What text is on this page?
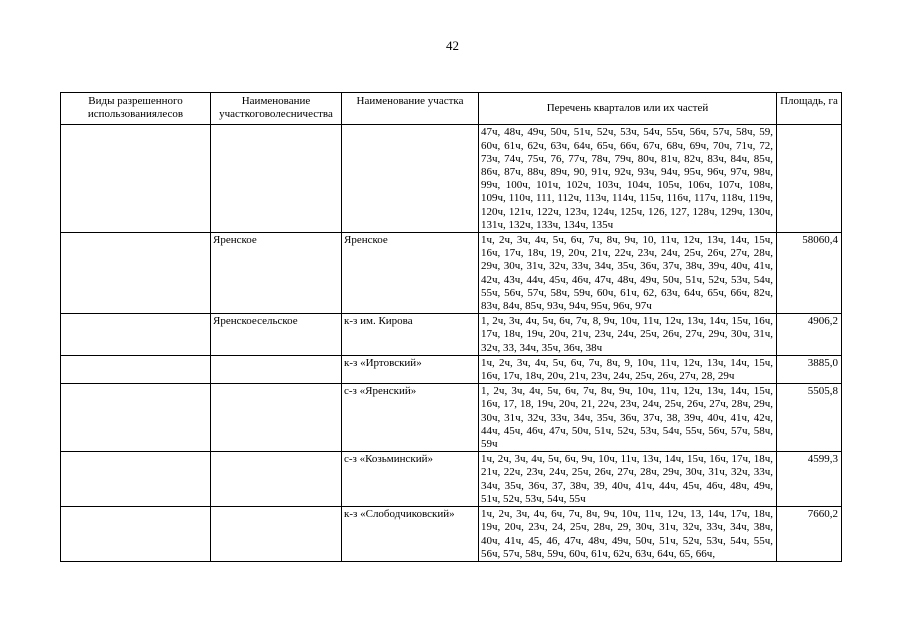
42
Виды разрешенного использованиялесов	Наименование участкоговолесничества	Наименование участка	Перечень кварталов или их частей	Площадь, га
			47ч, 48ч, 49ч, 50ч, 51ч, 52ч, 53ч, 54ч, 55ч, 56ч, 57ч, 58ч, 59, 60ч, 61ч, 62ч, 63ч, 64ч, 65ч, 66ч, 67ч, 68ч, 69ч, 70ч, 71ч, 72, 73ч, 74ч, 75ч, 76, 77ч, 78ч, 79ч, 80ч, 81ч, 82ч, 83ч, 84ч, 85ч, 86ч, 87ч, 88ч, 89ч, 90, 91ч, 92ч, 93ч, 94ч, 95ч, 96ч, 97ч, 98ч, 99ч, 100ч, 101ч, 102ч, 103ч, 104ч, 105ч, 106ч, 107ч, 108ч, 109ч, 110ч, 111, 112ч, 113ч, 114ч, 115ч, 116ч, 117ч, 118ч, 119ч, 120ч, 121ч, 122ч, 123ч, 124ч, 125ч, 126, 127, 128ч, 129ч, 130ч, 131ч, 132ч, 133ч, 134ч, 135ч	
	Яренское	Яренское	1ч, 2ч, 3ч, 4ч, 5ч, 6ч, 7ч, 8ч, 9ч, 10, 11ч, 12ч, 13ч, 14ч, 15ч, 16ч, 17ч, 18ч, 19, 20ч, 21ч, 22ч, 23ч, 24ч, 25ч, 26ч, 27ч, 28ч, 29ч, 30ч, 31ч, 32ч, 33ч, 34ч, 35ч, 36ч, 37ч, 38ч, 39ч, 40ч, 41ч, 42ч, 43ч, 44ч, 45ч, 46ч, 47ч, 48ч, 49ч, 50ч, 51ч, 52ч, 53ч, 54ч, 55ч, 56ч, 57ч, 58ч, 59ч, 60ч, 61ч, 62, 63ч, 64ч, 65ч, 66ч, 82ч, 83ч, 84ч, 85ч, 93ч, 94ч, 95ч, 96ч, 97ч	58060,4
	Яренскоесельское	к-з им. Кирова	1, 2ч, 3ч, 4ч, 5ч, 6ч, 7ч, 8, 9ч, 10ч, 11ч, 12ч, 13ч, 14ч, 15ч, 16ч, 17ч, 18ч, 19ч, 20ч, 21ч, 23ч, 24ч, 25ч, 26ч, 27ч, 29ч, 30ч, 31ч, 32ч, 33, 34ч, 35ч, 36ч, 38ч	4906,2
		к-з «Иртовский»	1ч, 2ч, 3ч, 4ч, 5ч, 6ч, 7ч, 8ч, 9, 10ч, 11ч, 12ч, 13ч, 14ч, 15ч, 16ч, 17ч, 18ч, 20ч, 21ч, 23ч, 24ч, 25ч, 26ч, 27ч, 28, 29ч	3885,0
		с-з «Яренский»	1, 2ч, 3ч, 4ч, 5ч, 6ч, 7ч, 8ч, 9ч, 10ч, 11ч, 12ч, 13ч, 14ч, 15ч, 16ч, 17, 18, 19ч, 20ч, 21, 22ч, 23ч, 24ч, 25ч, 26ч, 27ч, 28ч, 29ч, 30ч, 31ч, 32ч, 33ч, 34ч, 35ч, 36ч, 37ч, 38, 39ч, 40ч, 41ч, 42ч, 44ч, 45ч, 46ч, 47ч, 50ч, 51ч, 52ч, 53ч, 54ч, 55ч, 56ч, 57ч, 58ч, 59ч	5505,8
		с-з «Козьминский»	1ч, 2ч, 3ч, 4ч, 5ч, 6ч, 9ч, 10ч, 11ч, 13ч, 14ч, 15ч, 16ч, 17ч, 18ч, 21ч, 22ч, 23ч, 24ч, 25ч, 26ч, 27ч, 28ч, 29ч, 30ч, 31ч, 32ч, 33ч, 34ч, 35ч, 36ч, 37, 38ч, 39, 40ч, 41ч, 44ч, 45ч, 46ч, 48ч, 49ч, 51ч, 52ч, 53ч, 54ч, 55ч	4599,3
		к-з «Слободчиковский»	1ч, 2ч, 3ч, 4ч, 6ч, 7ч, 8ч, 9ч, 10ч, 11ч, 12ч, 13, 14ч, 17ч, 18ч, 19ч, 20ч, 23ч, 24, 25ч, 28ч, 29, 30ч, 31ч, 32ч, 33ч, 34ч, 38ч, 40ч, 41ч, 45, 46, 47ч, 48ч, 49ч, 50ч, 51ч, 52ч, 53ч, 54ч, 55ч, 56ч, 57ч, 58ч, 59ч, 60ч, 61ч, 62ч, 63ч, 64ч, 65, 66ч,	7660,2
